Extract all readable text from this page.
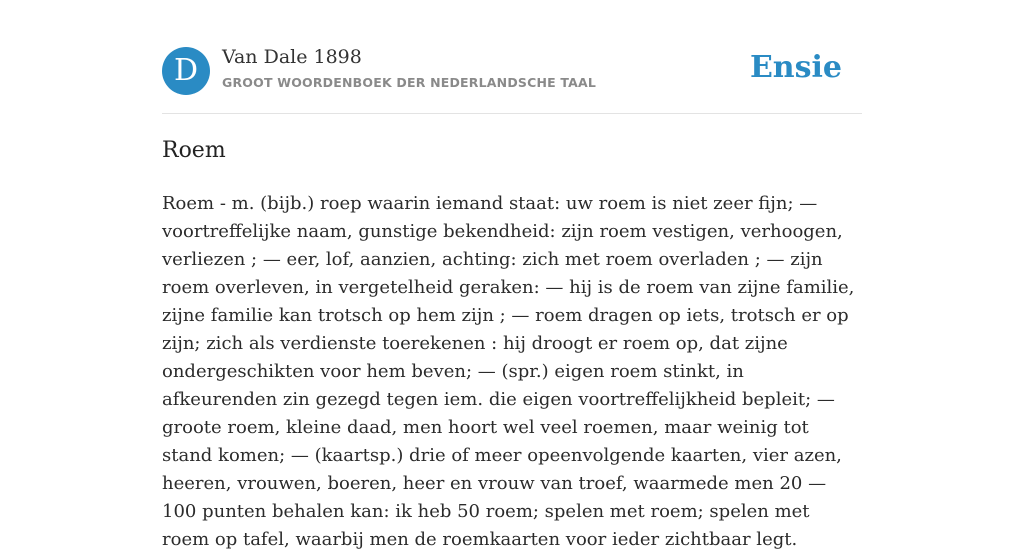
D	Van Dale 1898
GROOT WOORDENBOEK DER NEDERLANDSCHE TAAL	Ensie
Roem

Roem - m. (bijb.) roep waarin iemand staat: uw roem is niet zeer fijn; — voortreffelijke naam, gunstige bekendheid: zijn roem vestigen, verhoogen, verliezen ; — eer, lof, aanzien, achting: zich met roem overladen ; — zijn roem overleven, in vergetelheid geraken: — hij is de roem van zijne familie, zijne familie kan trotsch op hem zijn ; — roem dragen op iets, trotsch er op zijn; zich als verdienste toerekenen : hij droogt er roem op, dat zijne ondergeschikten voor hem beven; — (spr.) eigen roem stinkt, in afkeurenden zin gezegd tegen iem. die eigen voortreffelijkheid bepleit; — groote roem, kleine daad, men hoort wel veel roemen, maar weinig tot stand komen; — (kaartsp.) drie of meer opeenvolgende kaarten, vier azen, heeren, vrouwen, boeren, heer en vrouw van troef, waarmede men 20 — 100 punten behalen kan: ik heb 50 roem; spelen met roem; spelen met roem op tafel, waarbij men de roemkaarten voor ieder zichtbaar legt.
